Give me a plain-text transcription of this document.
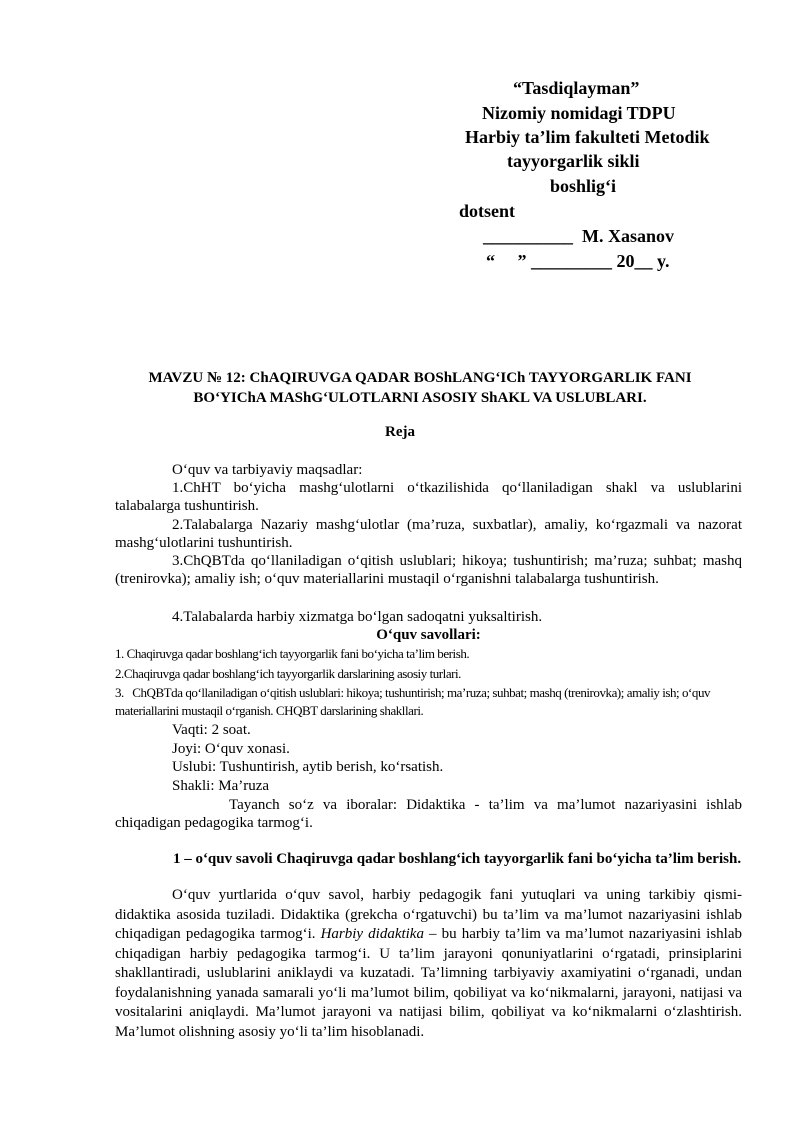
“Tasdiqlayman”
Nizomiy nomidagi TDPU
Harbiy ta’lim fakulteti Metodik
tayyorgarlik sikli
boshlig‘i
dotsent
__________  M. Xasanov
“     ” _________ 20__ y.
MAVZU № 12: ChAQIRUVGA QADAR BOShLANG‘ICh TAYYORGARLIK FANI BO‘YIChA MAShG‘ULOTLARNI ASOSIY ShAKL VA USLUBLARI.
Reja
O‘quv va tarbiyaviy maqsadlar:
1.ChHT bo‘yicha mashg‘ulotlarni o‘tkazilishida qo‘llaniladigan shakl va uslublarini talabalarga tushuntirish.
2.Talabalarga Nazariy mashg‘ulotlar (ma’ruza, suxbatlar), amaliy, ko‘rgazmali va nazorat mashg‘ulotlarini tushuntirish.
3.ChQBTda qo‘llaniladigan o‘qitish uslublari; hikoya; tushuntirish; ma’ruza; suhbat; mashq (trenirovka); amaliy ish; o‘quv materiallarini mustaqil o‘rganishni talabalarga tushuntirish.
4.Talabalarda harbiy xizmatga bo‘lgan sadoqatni yuksaltirish.
O‘quv savollari:
1. Chaqiruvga qadar boshlang‘ich tayyorgarlik fani bo‘yicha ta’lim berish.
2.Chaqiruvga qadar boshlang‘ich tayyorgarlik darslarining asosiy turlari.
3.   ChQBTda qo‘llaniladigan o‘qitish uslublari: hikoya; tushuntirish; ma’ruza; suhbat; mashq (trenirovka); amaliy ish; o‘quv materiallarini mustaqil o‘rganish. CHQBT darslarining shakllari.
Vaqti: 2 soat.
Joyi: O‘quv xonasi.
Uslubi: Tushuntirish, aytib berish, ko‘rsatish.
Shakli: Ma’ruza
Tayanch so‘z va iboralar: Didaktika - ta’lim va ma’lumot nazariyasini ishlab chiqadigan pedagogika tarmog‘i.
1 – o‘quv savoli Chaqiruvga qadar boshlang‘ich tayyorgarlik fani bo‘yicha ta’lim berish.
O‘quv yurtlarida o‘quv savol, harbiy pedagogik fani yutuqlari va uning tarkibiy qismi-didaktika asosida tuziladi. Didaktika (grekcha o‘rgatuvchi) bu ta’lim va ma’lumot nazariyasini ishlab chiqadigan pedagogika tarmog‘i. Harbiy didaktika – bu harbiy ta’lim va ma’lumot nazariyasini ishlab chiqadigan harbiy pedagogika tarmog‘i. U ta’lim jarayoni qonuniyatlarini o‘rgatadi, prinsiplarini shakllantiradi, uslublarini aniklaydi va kuzatadi. Ta’limning tarbiyaviy axamiyatini o‘rganadi, undan foydalanishning yanada samarali yo‘li ma’lumot bilim, qobiliyat va ko‘nikmalarni, jarayoni, natijasi va vositalarini aniqlaydi. Ma’lumot jarayoni va natijasi bilim, qobiliyat va ko‘nikmalarni o‘zlashtirish. Ma’lumot olishning asosiy yo‘li ta’lim hisoblanadi.
